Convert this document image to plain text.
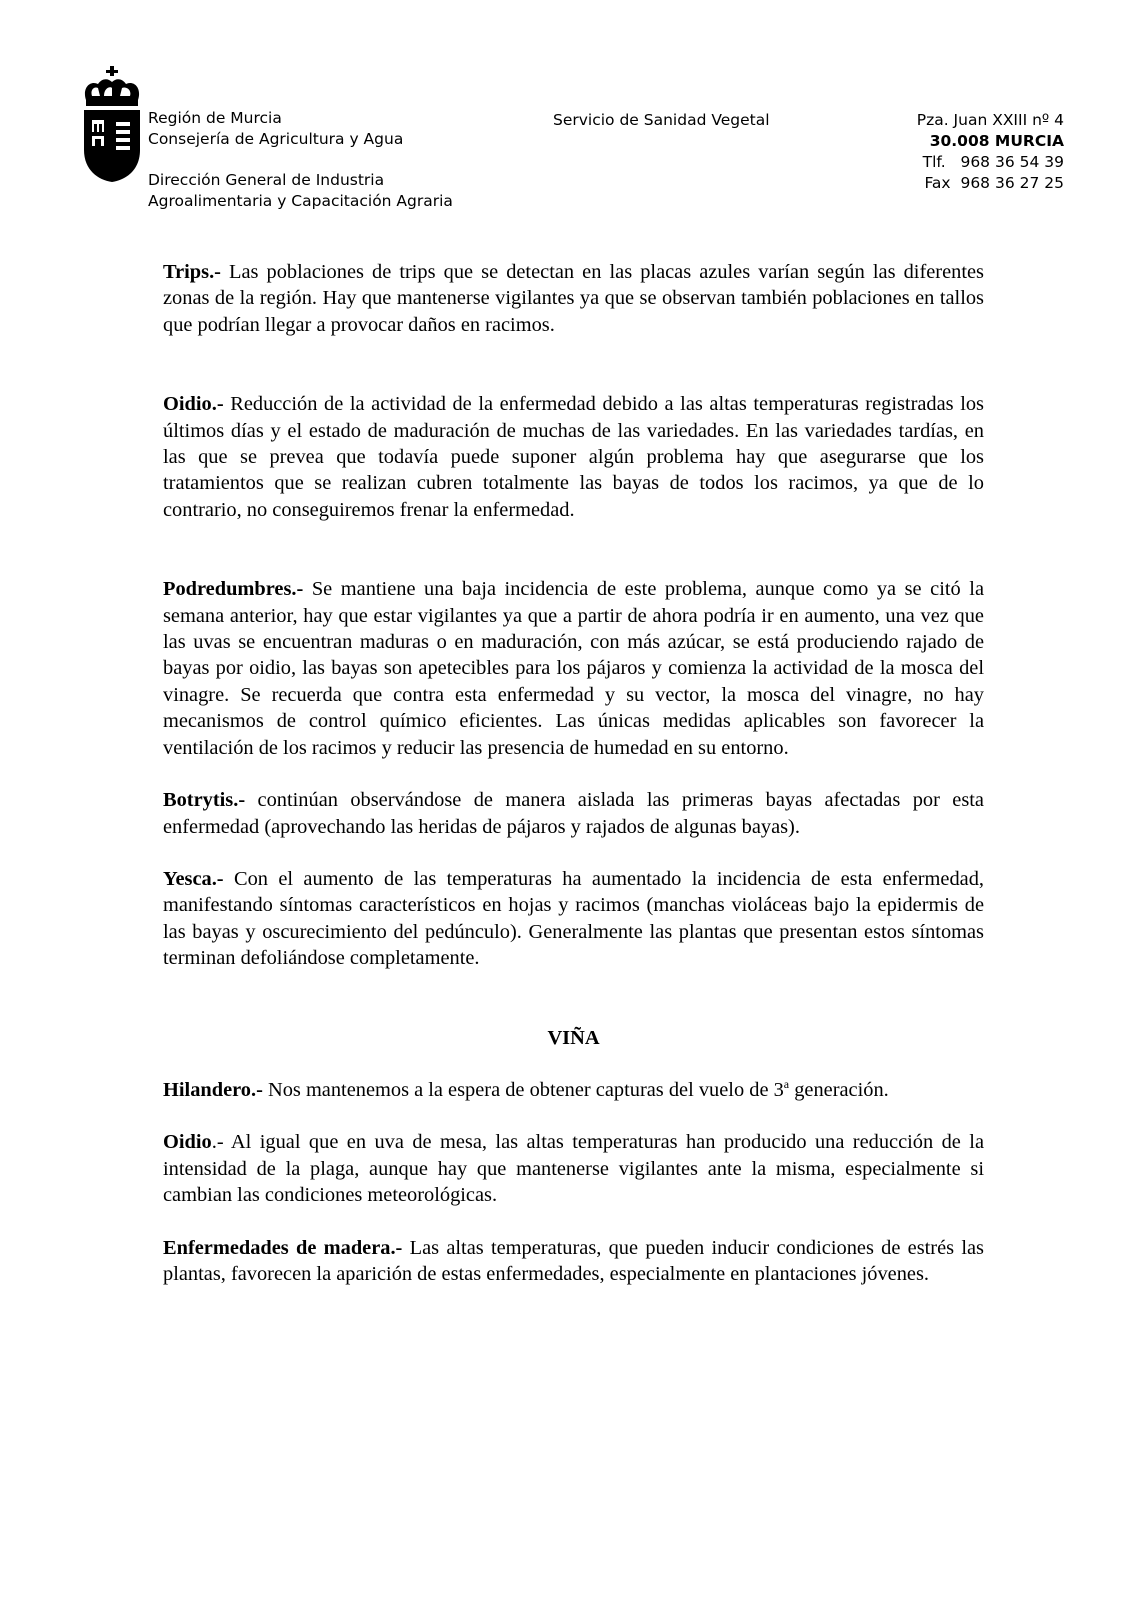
Región de Murcia
Consejería de Agricultura y Agua
Dirección General de Industria
Agroalimentaria y Capacitación Agraria
Servicio de Sanidad Vegetal	Pza. Juan XXIII nº 4
30.008 MURCIA
Tlf.   968 36 54 39
Fax  968 36 27 25

Trips.- Las poblaciones de trips que se detectan en las placas azules varían según las diferentes zonas de la región. Hay que mantenerse vigilantes ya que se observan también poblaciones en tallos que podrían llegar a provocar daños en racimos.

Oidio.- Reducción de la actividad de la enfermedad debido a las altas temperaturas registradas los últimos días y el estado de maduración de muchas de las variedades. En las variedades tardías, en las que se prevea que todavía puede suponer algún problema hay que asegurarse que los tratamientos que se realizan cubren totalmente las bayas de todos los racimos, ya que de lo contrario, no conseguiremos frenar la enfermedad.

Podredumbres.- Se mantiene una baja incidencia de este problema, aunque como ya se citó la semana anterior, hay que estar vigilantes ya que a partir de ahora podría ir en aumento, una vez que las uvas se encuentran maduras o en maduración, con más azúcar, se está produciendo rajado de bayas por oidio, las bayas son apetecibles para los pájaros y comienza la actividad de la mosca del vinagre. Se recuerda que contra esta enfermedad y su vector, la mosca del vinagre, no hay mecanismos de control químico eficientes. Las únicas medidas aplicables son favorecer la ventilación de los racimos y reducir las presencia de humedad en su entorno.

Botrytis.- continúan observándose de manera aislada las primeras bayas afectadas por esta enfermedad (aprovechando las heridas de pájaros y rajados de algunas bayas).

Yesca.- Con el aumento de las temperaturas ha aumentado la incidencia de esta enfermedad, manifestando síntomas característicos en hojas y racimos (manchas violáceas bajo la epidermis de las bayas y oscurecimiento del pedúnculo). Generalmente las plantas que presentan estos síntomas terminan defoliándose completamente.

VIÑA

Hilandero.- Nos mantenemos a la espera de obtener capturas del vuelo de 3$^a$ generación.

Oidio.- Al igual que en uva de mesa, las altas temperaturas han producido una reducción de la intensidad de la plaga, aunque hay que mantenerse vigilantes ante la misma, especialmente si cambian las condiciones meteorológicas.

Enfermedades de madera.- Las altas temperaturas, que pueden inducir condiciones de estrés las plantas, favorecen la aparición de estas enfermedades, especialmente en plantaciones jóvenes.
